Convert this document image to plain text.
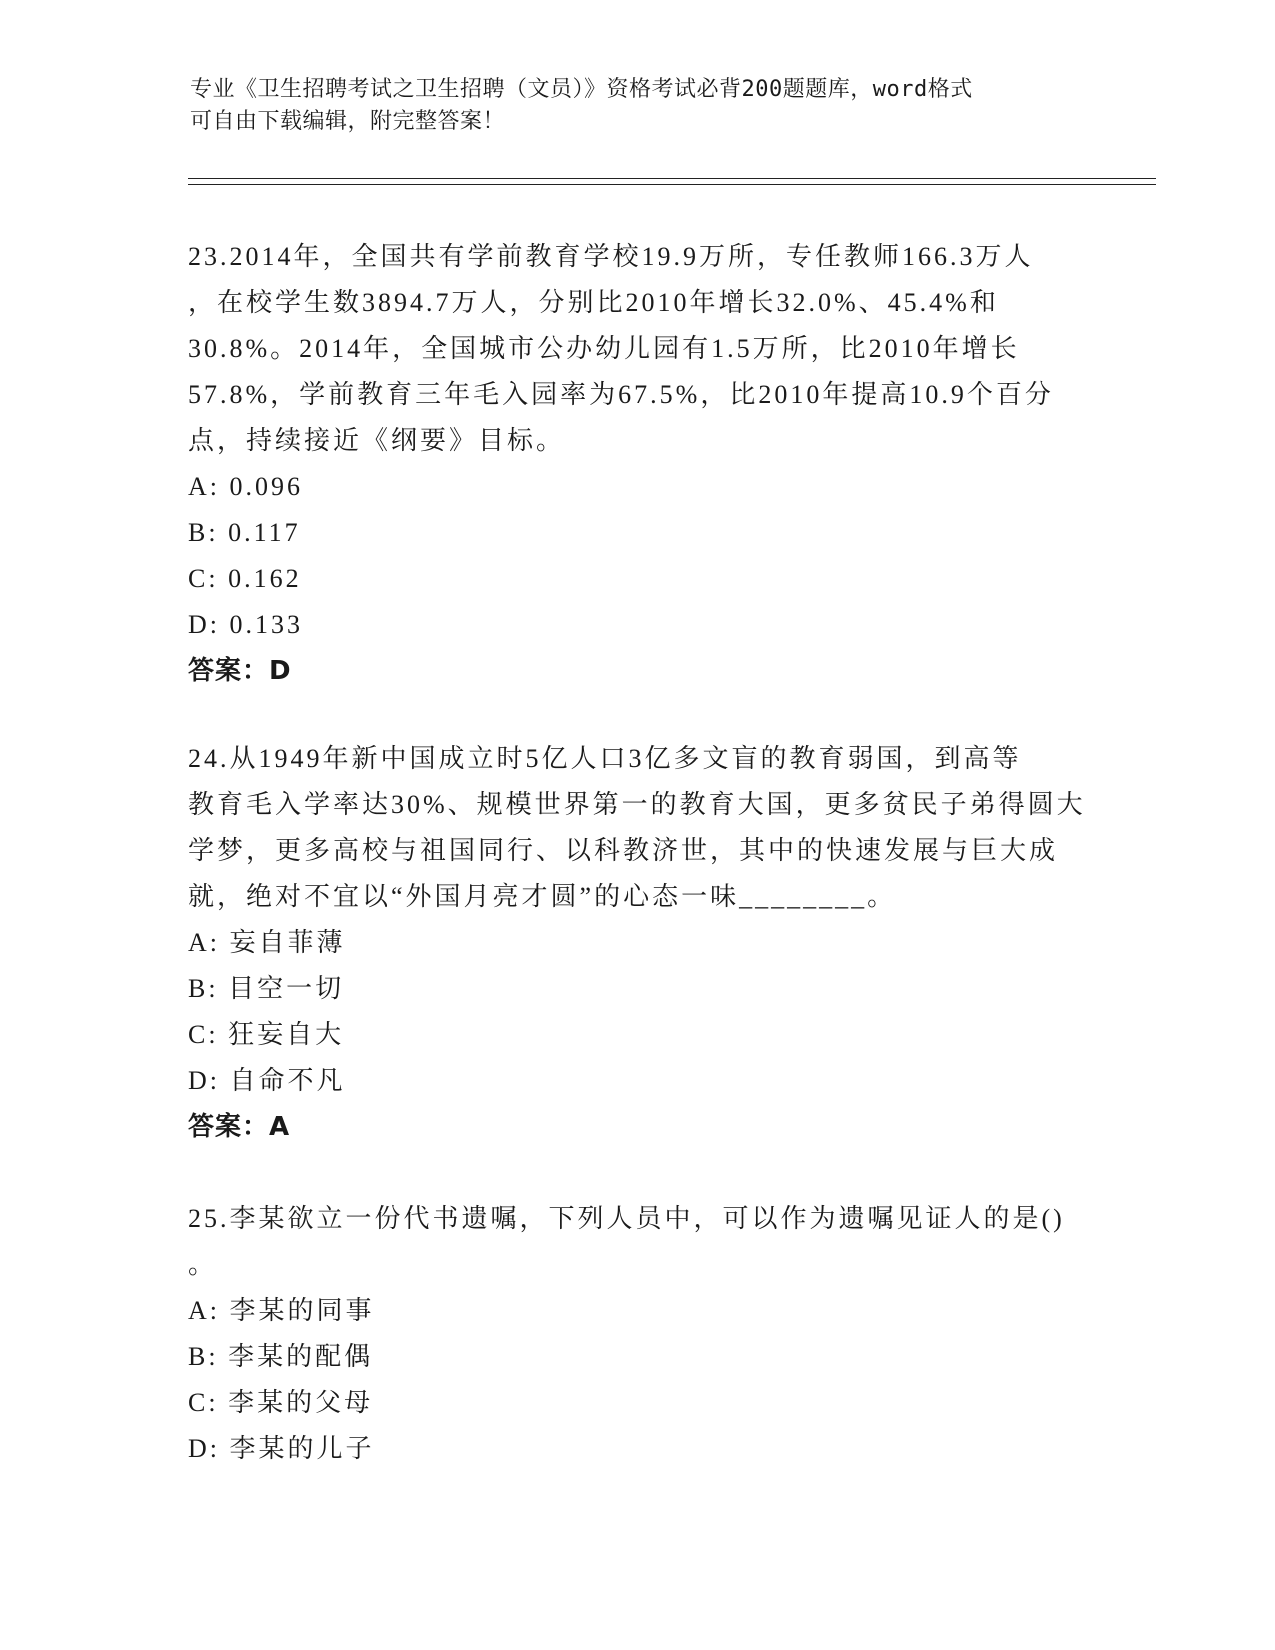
专业《卫生招聘考试之卫生招聘（文员）》资格考试必背200题题库，word格式
可自由下载编辑，附完整答案！
23.2014年，全国共有学前教育学校19.9万所，专任教师166.3万人
，在校学生数3894.7万人，分别比2010年增长32.0%、45.4%和
30.8%。2014年，全国城市公办幼儿园有1.5万所，比2010年增长
57.8%，学前教育三年毛入园率为67.5%，比2010年提高10.9个百分
点，持续接近《纲要》目标。
A: 0.096
B: 0.117
C: 0.162
D: 0.133
答案：D
24.从1949年新中国成立时5亿人口3亿多文盲的教育弱国，到高等
教育毛入学率达30%、规模世界第一的教育大国，更多贫民子弟得圆大
学梦，更多高校与祖国同行、以科教济世，其中的快速发展与巨大成
就，绝对不宜以“外国月亮才圆”的心态一味________。
A: 妄自菲薄
B: 目空一切
C: 狂妄自大
D: 自命不凡
答案：A
25.李某欲立一份代书遗嘱，下列人员中，可以作为遗嘱见证人的是()
。
A: 李某的同事
B: 李某的配偶
C: 李某的父母
D: 李某的儿子
